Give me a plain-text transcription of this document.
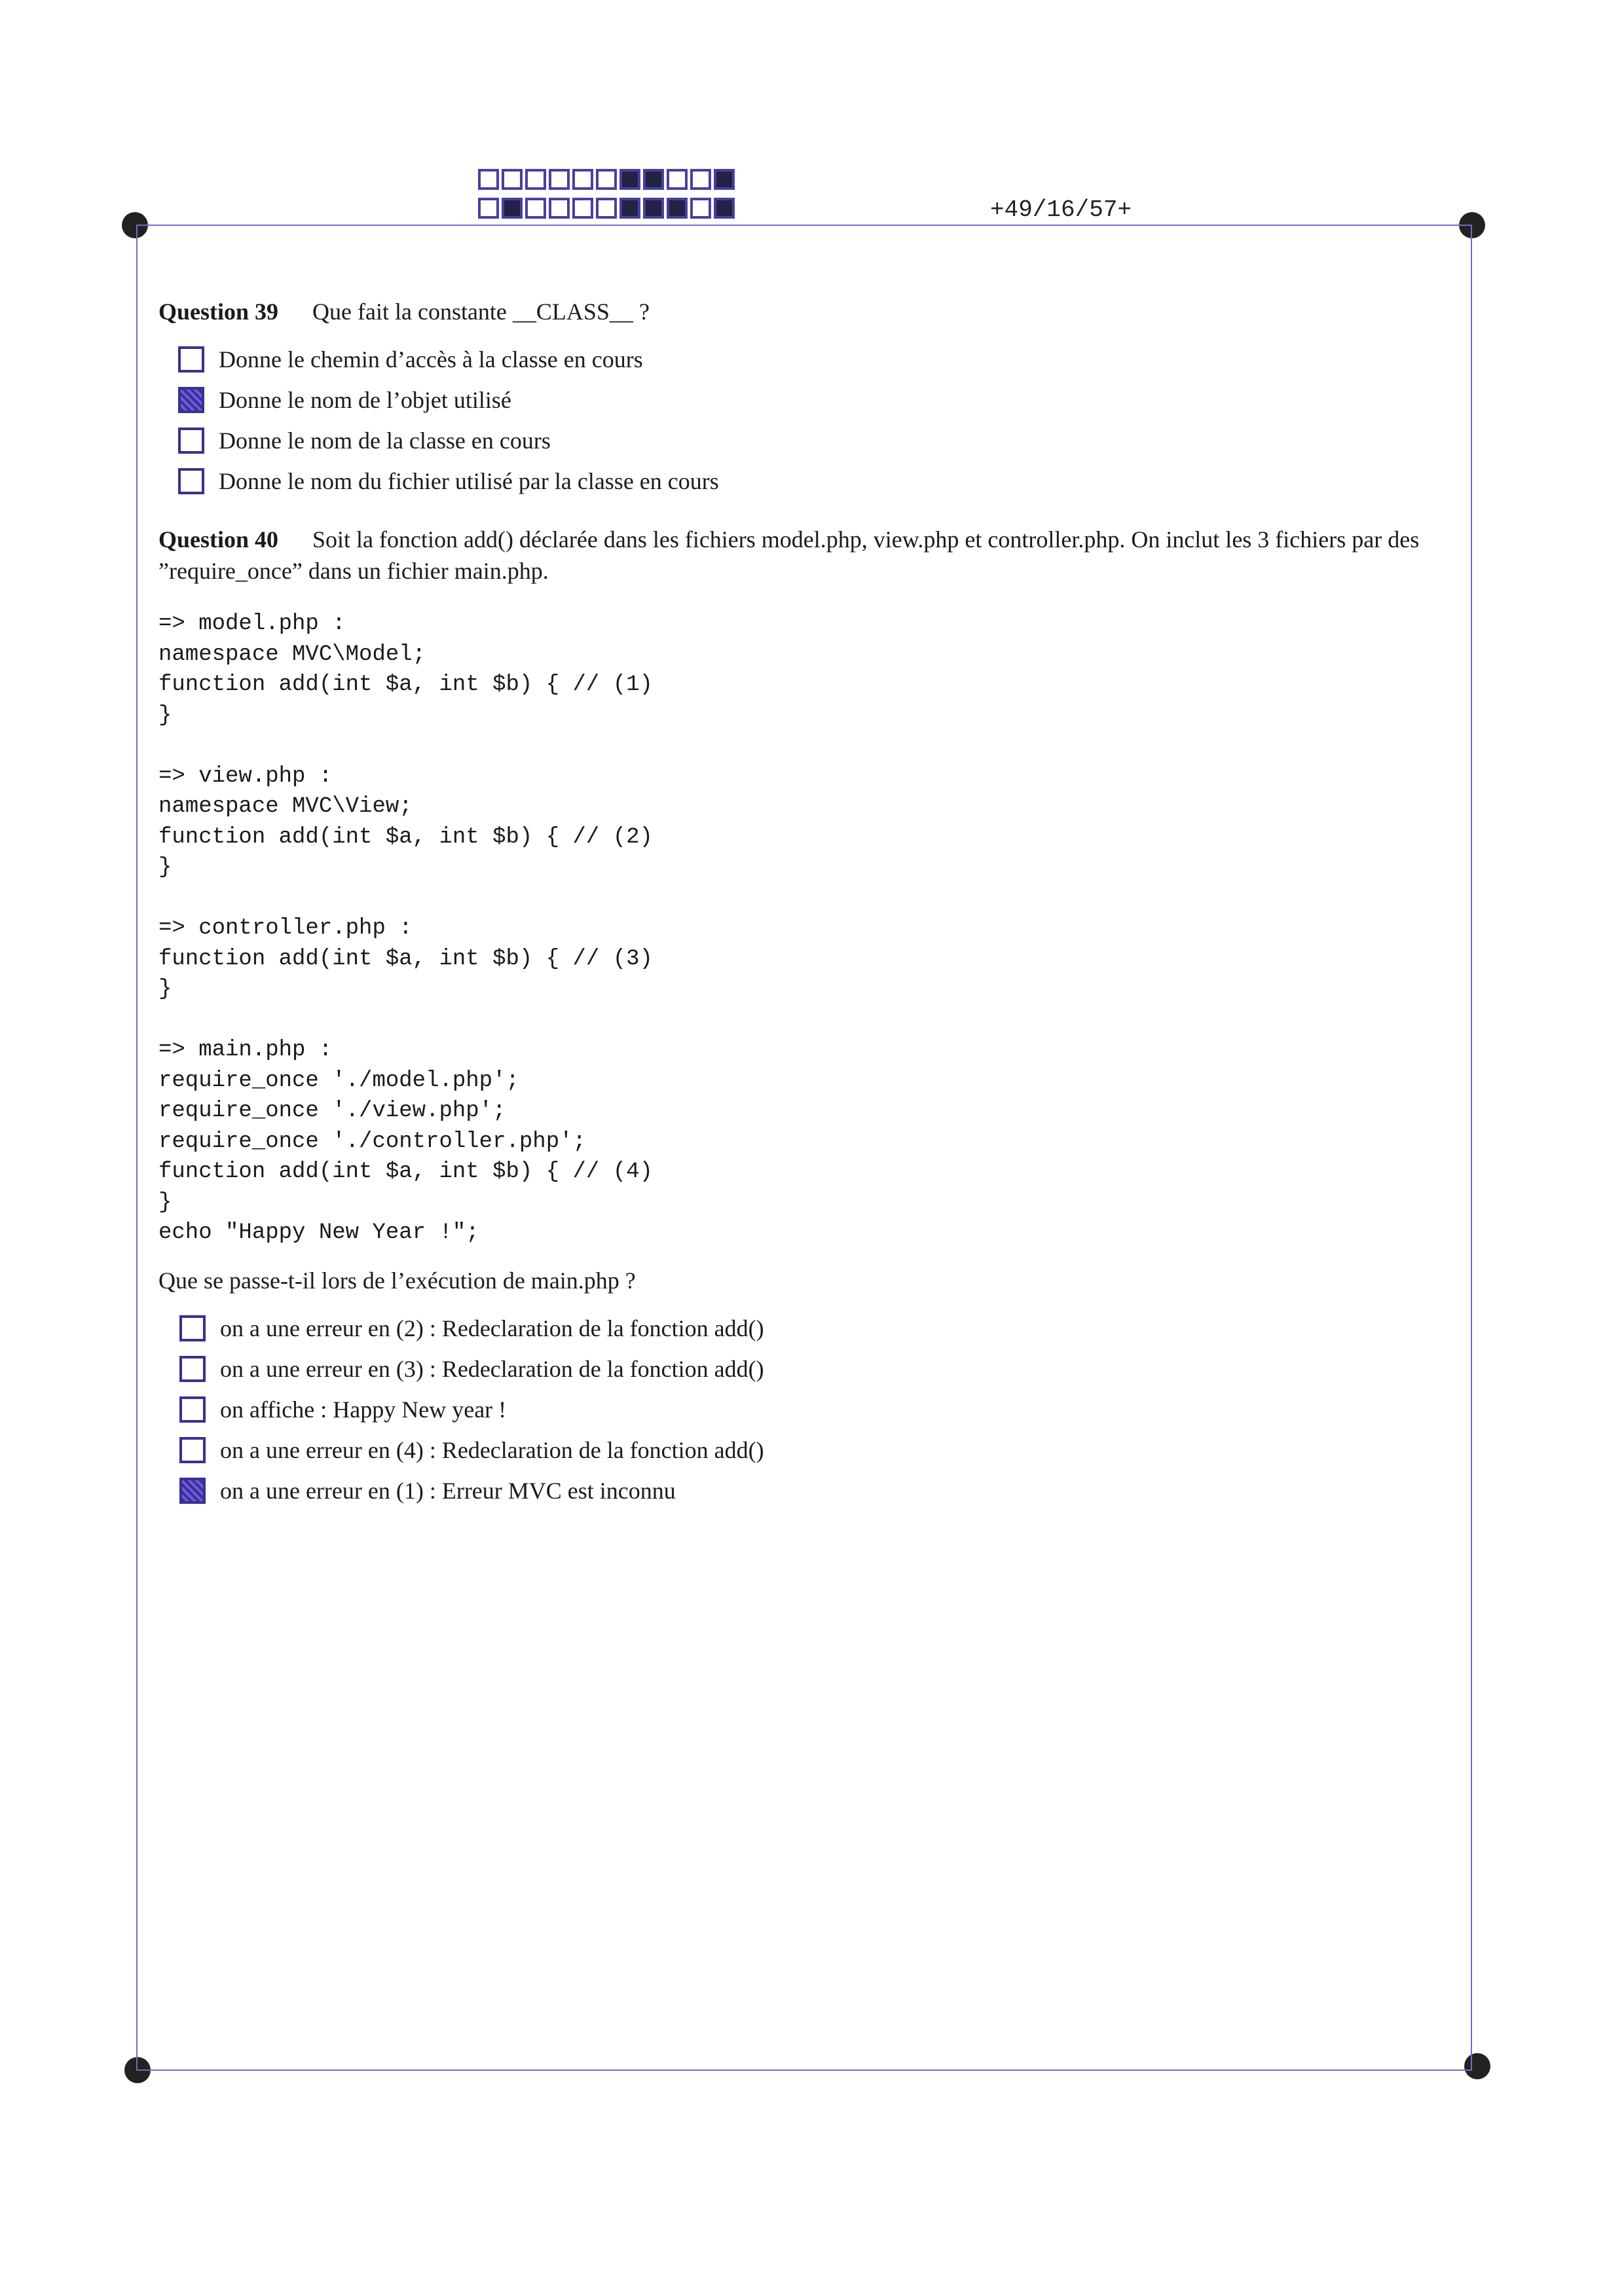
+49/16/57+
Question 39 Que fait la constante __CLASS__ ?
Donne le chemin d’accès à la classe en cours
Donne le nom de l’objet utilisé
Donne le nom de la classe en cours
Donne le nom du fichier utilisé par la classe en cours
Question 40 Soit la fonction add() déclarée dans les fichiers model.php, view.php et controller.php. On inclut les 3 fichiers par des ”require_once” dans un fichier main.php.
=> model.php :
namespace MVC\Model;
function add(int $a, int $b) { // (1)
}

=> view.php :
namespace MVC\View;
function add(int $a, int $b) { // (2)
}

=> controller.php :
function add(int $a, int $b) { // (3)
}

=> main.php :
require_once './model.php';
require_once './view.php';
require_once './controller.php';
function add(int $a, int $b) { // (4)
}
echo "Happy New Year !";
Que se passe-t-il lors de l’exécution de main.php ?
on a une erreur en (2) : Redeclaration de la fonction add()
on a une erreur en (3) : Redeclaration de la fonction add()
on affiche : Happy New year !
on a une erreur en (4) : Redeclaration de la fonction add()
on a une erreur en (1) : Erreur MVC est inconnu
